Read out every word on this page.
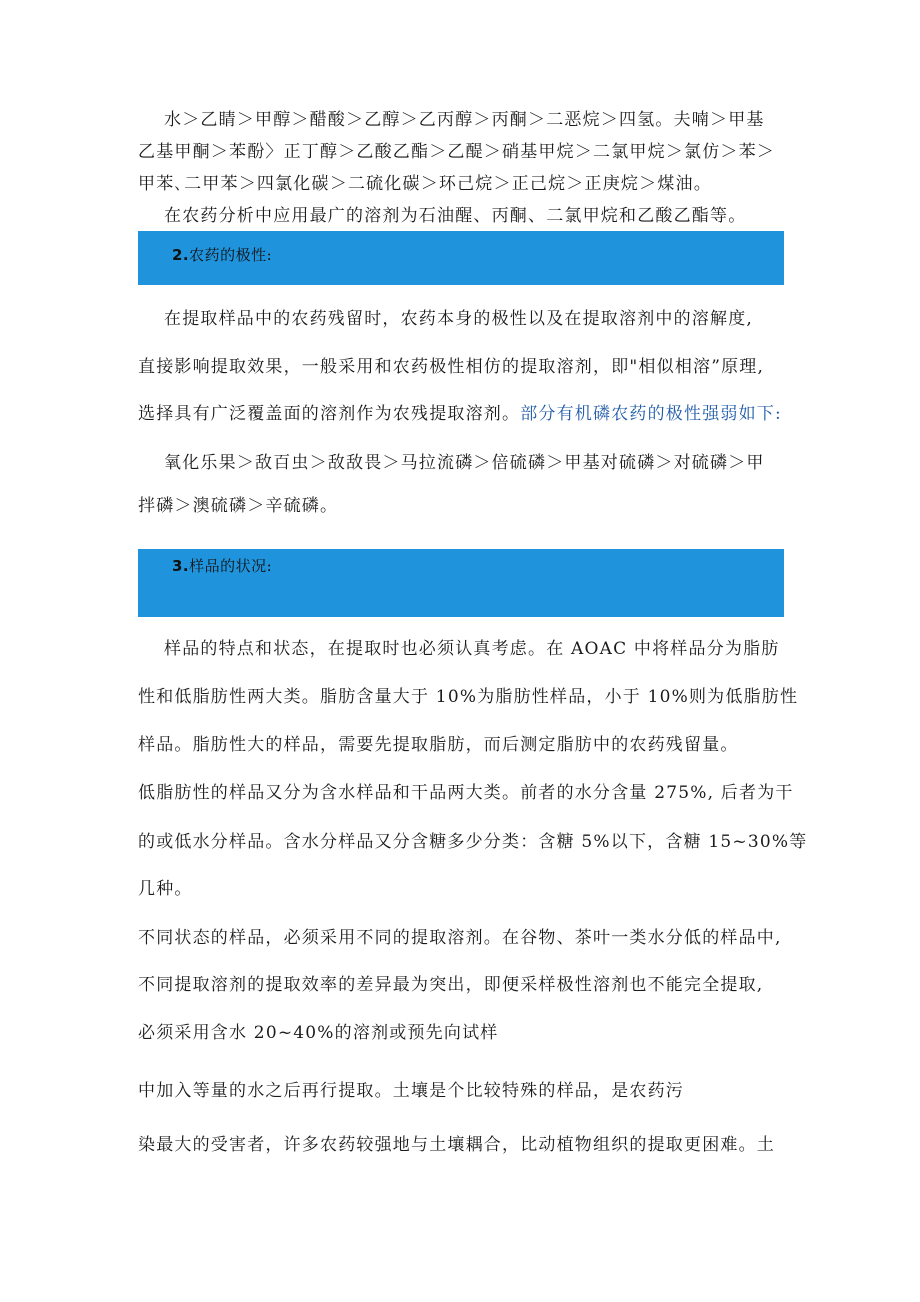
水＞乙睛＞甲醇＞醋酸＞乙醇＞乙丙醇＞丙酮＞二恶烷＞四氢。夫喃＞甲基

乙基甲酮＞苯酚〉正丁醇＞乙酸乙酯＞乙醍＞硝基甲烷＞二氯甲烷＞氯仿＞苯＞

甲苯､二甲苯＞四氯化碳＞二硫化碳＞环己烷＞正己烷＞正庚烷＞煤油。

在农药分析中应用最广的溶剂为石油醒、丙酮、二氯甲烷和乙酸乙酯等。

2.农药的极性:

在提取样品中的农药残留时，农药本身的极性以及在提取溶剂中的溶解度,

直接影响提取效果，一般采用和农药极性相仿的提取溶剂，即"相似相溶”原理,

选择具有广泛覆盖面的溶剂作为农残提取溶剂。部分有机磷农药的极性强弱如下:

氧化乐果＞敌百虫＞敌敌畏＞马拉流磷＞倍硫磷＞甲基对硫磷＞对硫磷＞甲

拌磷＞澳硫磷＞辛硫磷。

3.样品的状况:

样品的特点和状态，在提取时也必须认真考虑。在 AOAC 中将样品分为脂肪

性和低脂肪性两大类。脂肪含量大于 10%为脂肪性样品，小于 10%则为低脂肪性

样品。脂肪性大的样品，需要先提取脂肪，而后测定脂肪中的农药残留量。

低脂肪性的样品又分为含水样品和干品两大类。前者的水分含量 275%, 后者为干

的或低水分样品。含水分样品又分含糖多少分类：含糖 5%以下，含糖 15~30%等

几种。

不同状态的样品，必须采用不同的提取溶剂。在谷物、茶叶一类水分低的样品中,

不同提取溶剂的提取效率的差异最为突出，即便采样极性溶剂也不能完全提取,

必须采用含水 20~40%的溶剂或预先向试样

中加入等量的水之后再行提取。土壤是个比较特殊的样品，是农药污

染最大的受害者，许多农药较强地与土壤耦合，比动植物组织的提取更困难。土
